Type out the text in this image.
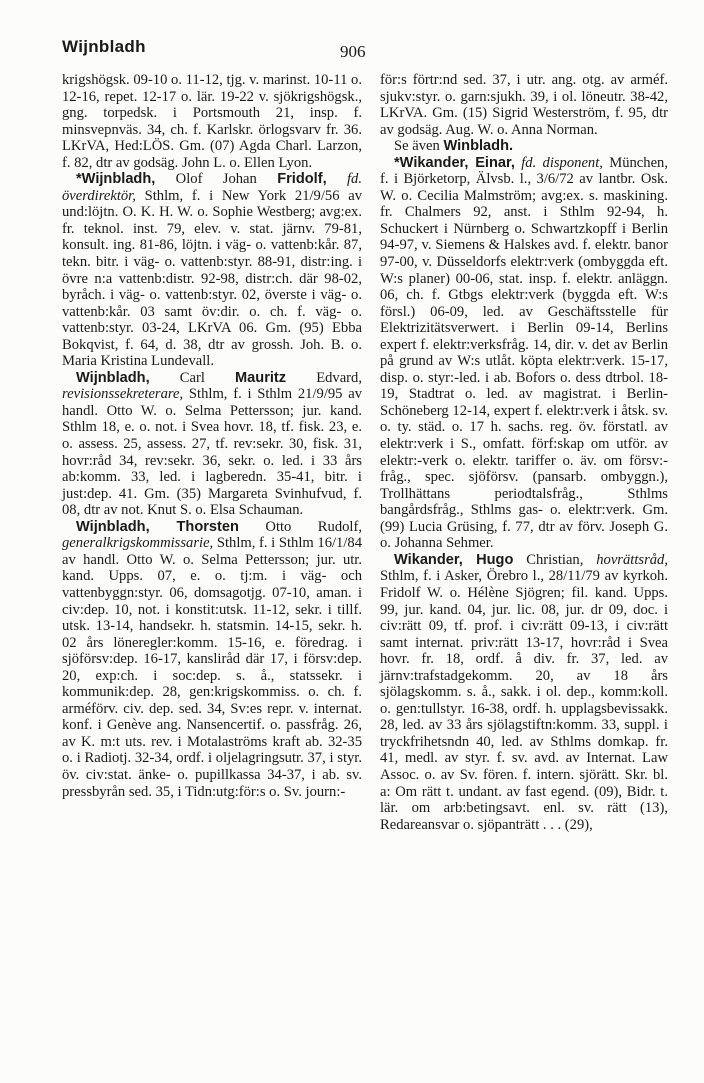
Wijnbladh	906

krigshögsk. 09-10 o. 11-12, tjg. v. marinst. 10-11 o. 12-16, repet. 12-17 o. lär. 19-22 v. sjökrigshögsk., gng. torpedsk. i Portsmouth 21, insp. f. minsvepnväs. 34, ch. f. Karlskr. örlogsvarv fr. 36. LKrVA, Hed:LÖS. Gm. (07) Agda Charl. Larzon, f. 82, dtr av godsäg. John L. o. Ellen Lyon.

*Wijnbladh, Olof Johan Fridolf, fd. överdirektör, Sthlm, f. i New York 21/9/56 av und:löjtn. O. K. H. W. o. Sophie Westberg; avg:ex. fr. teknol. inst. 79, elev. v. stat. järnv. 79-81, konsult. ing. 81-86, löjtn. i väg- o. vattenb:kår. 87, tekn. bitr. i väg- o. vattenb:styr. 88-91, distr:ing. i övre n:a vattenb:distr. 92-98, distr:ch. där 98-02, byråch. i väg- o. vattenb:styr. 02, överste i väg- o. vattenb:kår. 03 samt öv:dir. o. ch. f. väg- o. vattenb:styr. 03-24, LKrVA 06. Gm. (95) Ebba Bokqvist, f. 64, d. 38, dtr av grossh. Joh. B. o. Maria Kristina Lundevall.

Wijnbladh, Carl Mauritz Edvard, revisionssekreterare, Sthlm, f. i Sthlm 21/9/95 av handl. Otto W. o. Selma Pettersson; jur. kand. Sthlm 18, e. o. not. i Svea hovr. 18, tf. fisk. 23, e. o. assess. 25, assess. 27, tf. rev:sekr. 30, fisk. 31, hovr:råd 34, rev:sekr. 36, sekr. o. led. i 33 års ab:komm. 33, led. i lagberedn. 35-41, bitr. i just:dep. 41. Gm. (35) Margareta Svinhufvud, f. 08, dtr av not. Knut S. o. Elsa Schauman.

Wijnbladh, Thorsten Otto Rudolf, generalkrigskommissarie, Sthlm, f. i Sthlm 16/1/84 av handl. Otto W. o. Selma Pettersson; jur. utr. kand. Upps. 07, e. o. tj:m. i väg- och vattenbyggn:styr. 06, domsagotjg. 07-10, aman. i civ:dep. 10, not. i konstit:utsk. 11-12, sekr. i tillf. utsk. 13-14, handsekr. h. statsmin. 14-15, sekr. h. 02 års löneregler:komm. 15-16, e. föredrag. i sjöförsv:dep. 16-17, kansliråd där 17, i försv:dep. 20, exp:ch. i soc:dep. s. å., statssekr. i kommunik:dep. 28, gen:krigskommiss. o. ch. f. arméförv. civ. dep. sed. 34, Sv:es repr. v. internat. konf. i Genève ang. Nansencertif. o. passfråg. 26, av K. m:t uts. rev. i Motalaströms kraft ab. 32-35 o. i Radiotj. 32-34, ordf. i oljelagringsutr. 37, i styr. öv. civ:stat. änke- o. pupillkassa 34-37, i ab. sv. pressbyrån sed. 35, i Tidn:utg:för:s o. Sv. journ:-

för:s förtr:nd sed. 37, i utr. ang. otg. av arméf. sjukv:styr. o. garn:sjukh. 39, i ol. löneutr. 38-42, LKrVA. Gm. (15) Sigrid Westerström, f. 95, dtr av godsäg. Aug. W. o. Anna Norman.

Se även Winbladh.

*Wikander, Einar, fd. disponent, München, f. i Björketorp, Älvsb. l., 3/6/72 av lantbr. Osk. W. o. Cecilia Malmström; avg:ex. s. maskining. fr. Chalmers 92, anst. i Sthlm 92-94, h. Schuckert i Nürnberg o. Schwartzkopff i Berlin 94-97, v. Siemens & Halskes avd. f. elektr. banor 97-00, v. Düsseldorfs elektr:verk (ombyggda eft. W:s planer) 00-06, stat. insp. f. elektr. anläggn. 06, ch. f. Gtbgs elektr:verk (byggda eft. W:s försl.) 06-09, led. av Geschäftsstelle für Elektrizitätsverwert. i Berlin 09-14, Berlins expert f. elektr:verksfråg. 14, dir. v. det av Berlin på grund av W:s utlåt. köpta elektr:verk. 15-17, disp. o. styr:-led. i ab. Bofors o. dess dtrbol. 18-19, Stadtrat o. led. av magistrat. i Berlin-Schöneberg 12-14, expert f. elektr:verk i åtsk. sv. o. ty. städ. o. 17 h. sachs. reg. öv. förstatl. av elektr:verk i S., omfatt. förf:skap om utför. av elektr:-verk o. elektr. tariffer o. äv. om försv:-fråg., spec. sjöförsv. (pansarb. ombyggn.), Trollhättans periodtalsfråg., Sthlms bangårdsfråg., Sthlms gas- o. elektr:verk. Gm. (99) Lucia Grüsing, f. 77, dtr av förv. Joseph G. o. Johanna Sehmer.

Wikander, Hugo Christian, hovrättsråd, Sthlm, f. i Asker, Örebro l., 28/11/79 av kyrkoh. Fridolf W. o. Hélène Sjögren; fil. kand. Upps. 99, jur. kand. 04, jur. lic. 08, jur. dr 09, doc. i civ:rätt 09, tf. prof. i civ:rätt 09-13, i civ:rätt samt internat. priv:rätt 13-17, hovr:råd i Svea hovr. fr. 18, ordf. å div. fr. 37, led. av järnv:trafstadgekomm. 20, av 18 års sjölagskomm. s. å., sakk. i ol. dep., komm:koll. o. gen:tullstyr. 16-38, ordf. h. upplagsbevissakk. 28, led. av 33 års sjölagstiftn:komm. 33, suppl. i tryckfrihetsndn 40, led. av Sthlms domkap. fr. 41, medl. av styr. f. sv. avd. av Internat. Law Assoc. o. av Sv. fören. f. intern. sjörätt. Skr. bl. a: Om rätt t. undant. av fast egend. (09), Bidr. t. lär. om arb:betingsavt. enl. sv. rätt (13), Redareansvar o. sjöpanträtt . . . (29),
